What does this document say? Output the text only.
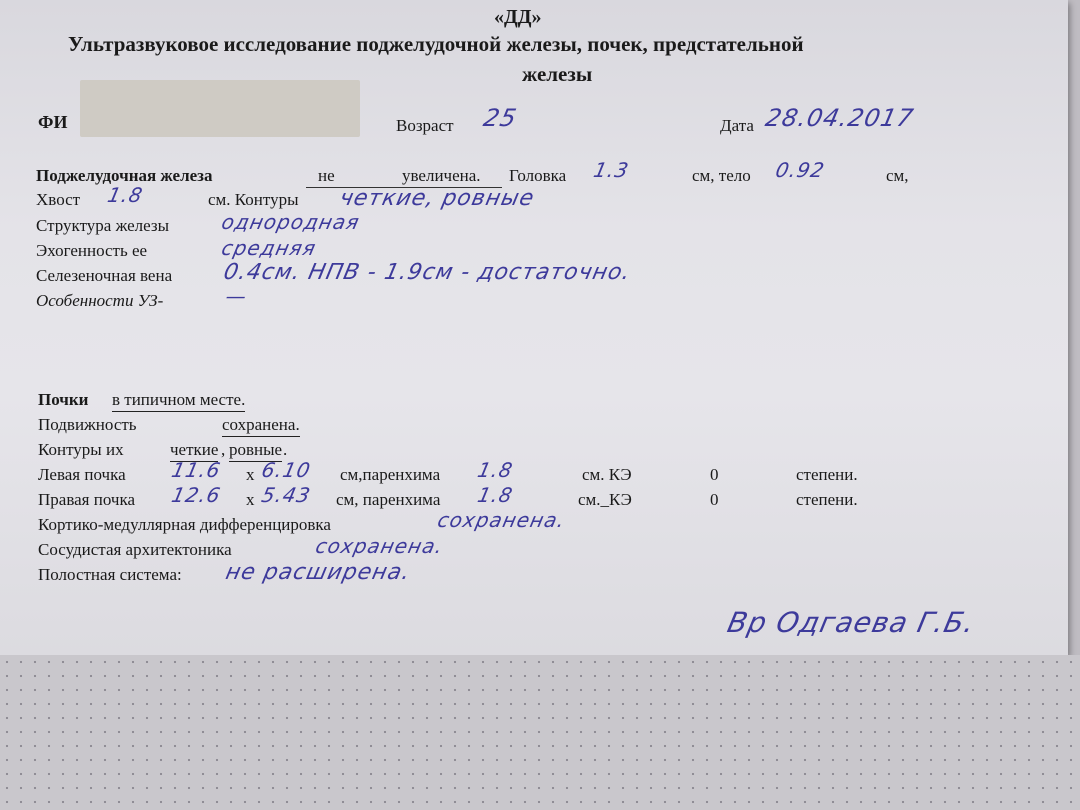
«ДД»
Ультразвуковое исследование поджелудочной железы, почек, предстательной
железы
ФИ	Возраст 25	Дата 28.04.2017
Поджелудочная железа	не	увеличена. Головка 1.3	см, тело 0.92	см,
Хвост 1.8	см. Контуры четкие, ровные
Структура железы	однородная
Эхогенность ее	средняя
Селезеночная вена 0.4см. НПВ - 1.9см - достаточно.
Особенности УЗ-	—
Почки в типичном месте.
Подвижность	сохранена.
Контуры их	четкие , ровные .
Левая почка 11.6 х 6.10 см,паренхима 1.8	см. КЭ	0	степени.
Правая почка 12.6 х 5.43 см, паренхима 1.8	см._КЭ	0	степени.
Кортико-медуллярная дифференцировка	сохранена.
Сосудистая архитектоника	сохранена.
Полостная система: не расширена.
Вр Одгаева Г.Б.
